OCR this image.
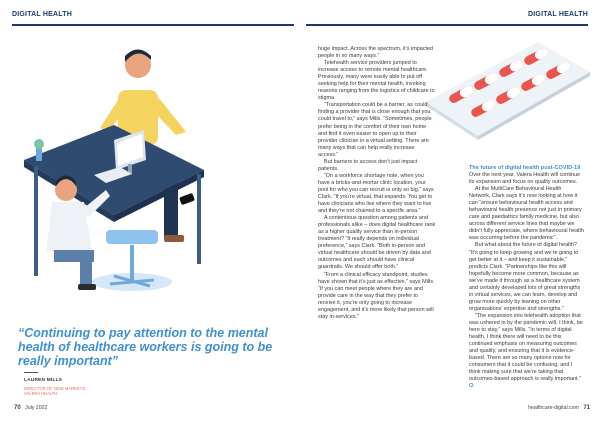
DIGITAL HEALTH	DIGITAL HEALTH
“Continuing to pay attention to the mental health of healthcare workers is going to be really important”
LAUREN MILLS
DIRECTOR OF NEW MARKETS,
VALERA HEALTH
70 July 2022	healthcare-digital.com 71

huge impact. Across the spectrum, it’s impacted people in so many ways.”

Telehealth service providers jumped to increase access to remote mental healthcare. Previously, many were easily able to put off seeking help for their mental health, invoking reasons ranging from the logistics of childcare to stigma.

“Transportation could be a barrier, as could finding a provider that is close enough that you could travel to,” says Mills. “Sometimes, people prefer being in the comfort of their own home and find it even easier to open up to their provider clinician in a virtual setting. There are many ways that can help really increase access.”

But barriers to access don’t just impact patients.

“On a workforce shortage note, when you have a bricks-and-mortar clinic location, your pool for who you can recruit is only so big,” says Clark. “If you’re virtual, that expands. You get to have clinicians who live where they want to live and they’re not chained to a specific area.”

A contentious question among patients and professionals alike – does digital healthcare rank as a higher quality service than in-person treatment? “It really depends on individual preference,” says Clark. “Both in-person and virtual healthcare should be driven by data and outcomes and each should have clinical guardrails. We should offer both.”

“From a clinical efficacy standpoint, studies have shown that it’s just as effective,” says Mills. “If you can meet people where they are and provide care in the way that they prefer to receive it, you’re only going to increase engagement, and it’s more likely that person will stay in-services.”

The future of digital health post-COVID-19

Over the next year, Valera Health will continue its expansion and focus on quality outcomes.

At the MultiCare Behavioural Health Network, Clark says it’s now looking at how it can “ensure behavioural health access and behavioural health presence not just in primary care and paediatrics family medicine, but also across different service lines that maybe we didn’t fully appreciate, where behavioural health was occurring before the pandemic”.

But what about the future of digital health? “It’s going to keep growing and we’re going to get better at it – and keep it sustainable,” predicts Clark. “Partnerships like this will hopefully become more common, because as we’ve made it through as a healthcare system and certainly developed lots of great strengths in virtual services, we can learn, develop and grow more quickly by leaning on other organisations’ expertise and strengths.”

“The expansion into telehealth adoption that was ushered in by the pandemic will, I think, be here to stay,” says Mills. “In terms of digital health, I think there will need to be this continued emphasis on measuring outcomes and quality, and ensuring that it is evidence-based. There are so many options now for consumers that it could be confusing, and I think making sure that we’re taking that outcomes-based approach is really important.” ⭘
